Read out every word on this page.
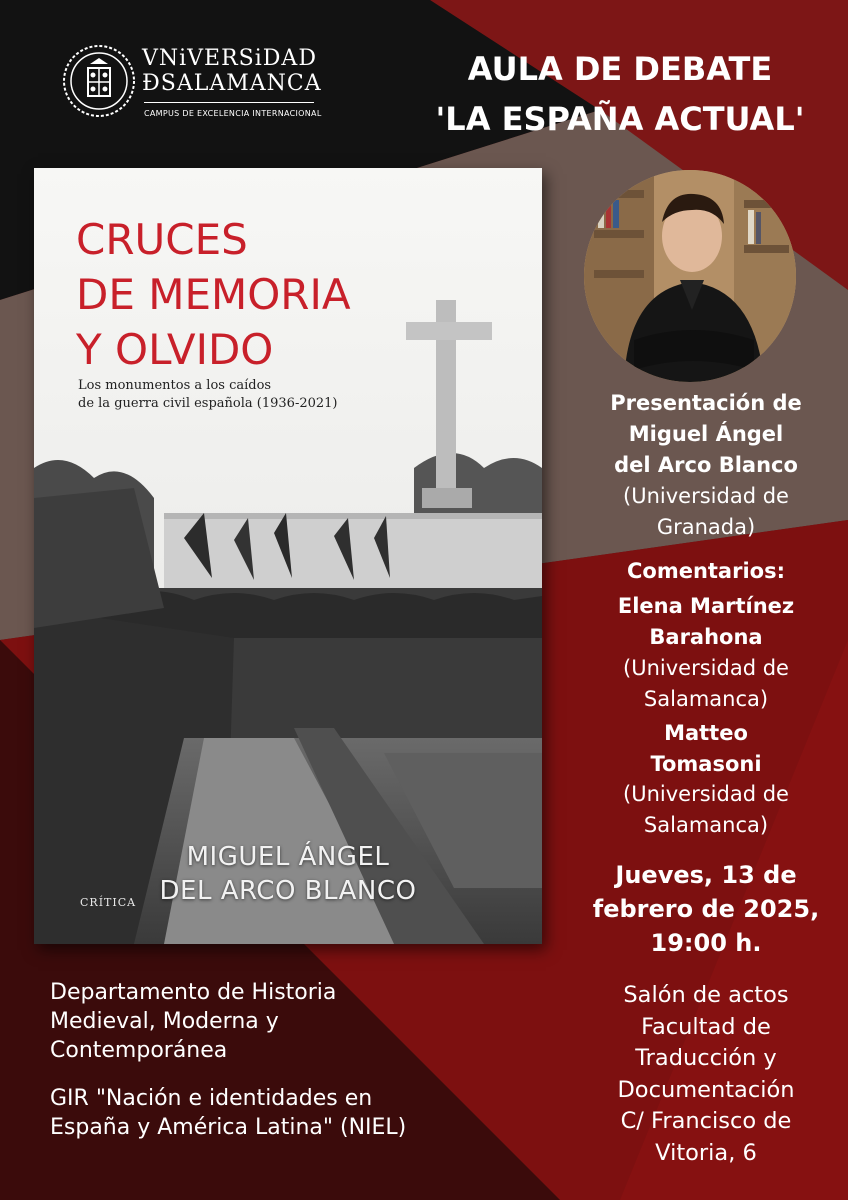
VNiVERSiDAD
ÐSALAMANCA
CAMPUS DE EXCELENCIA INTERNACIONAL
AULA DE DEBATE
'LA ESPAÑA ACTUAL'
CRUCES
DE MEMORIA
Y OLVIDO
Los monumentos a los caídos
de la guerra civil española (1936-2021)
MIGUEL ÁNGEL
DEL ARCO BLANCO
CRÍTICA
Presentación de
Miguel Ángel
del Arco Blanco
(Universidad de
Granada)
Comentarios:
Elena Martínez
Barahona
(Universidad de
Salamanca)
Matteo
Tomasoni
(Universidad de
Salamanca)
Jueves, 13 de
febrero de 2025,
19:00 h.
Salón de actos
Facultad de
Traducción y
Documentación
C/ Francisco de
Vitoria, 6
Departamento de Historia
Medieval, Moderna y
Contemporánea
GIR "Nación e identidades en
España y América Latina" (NIEL)
